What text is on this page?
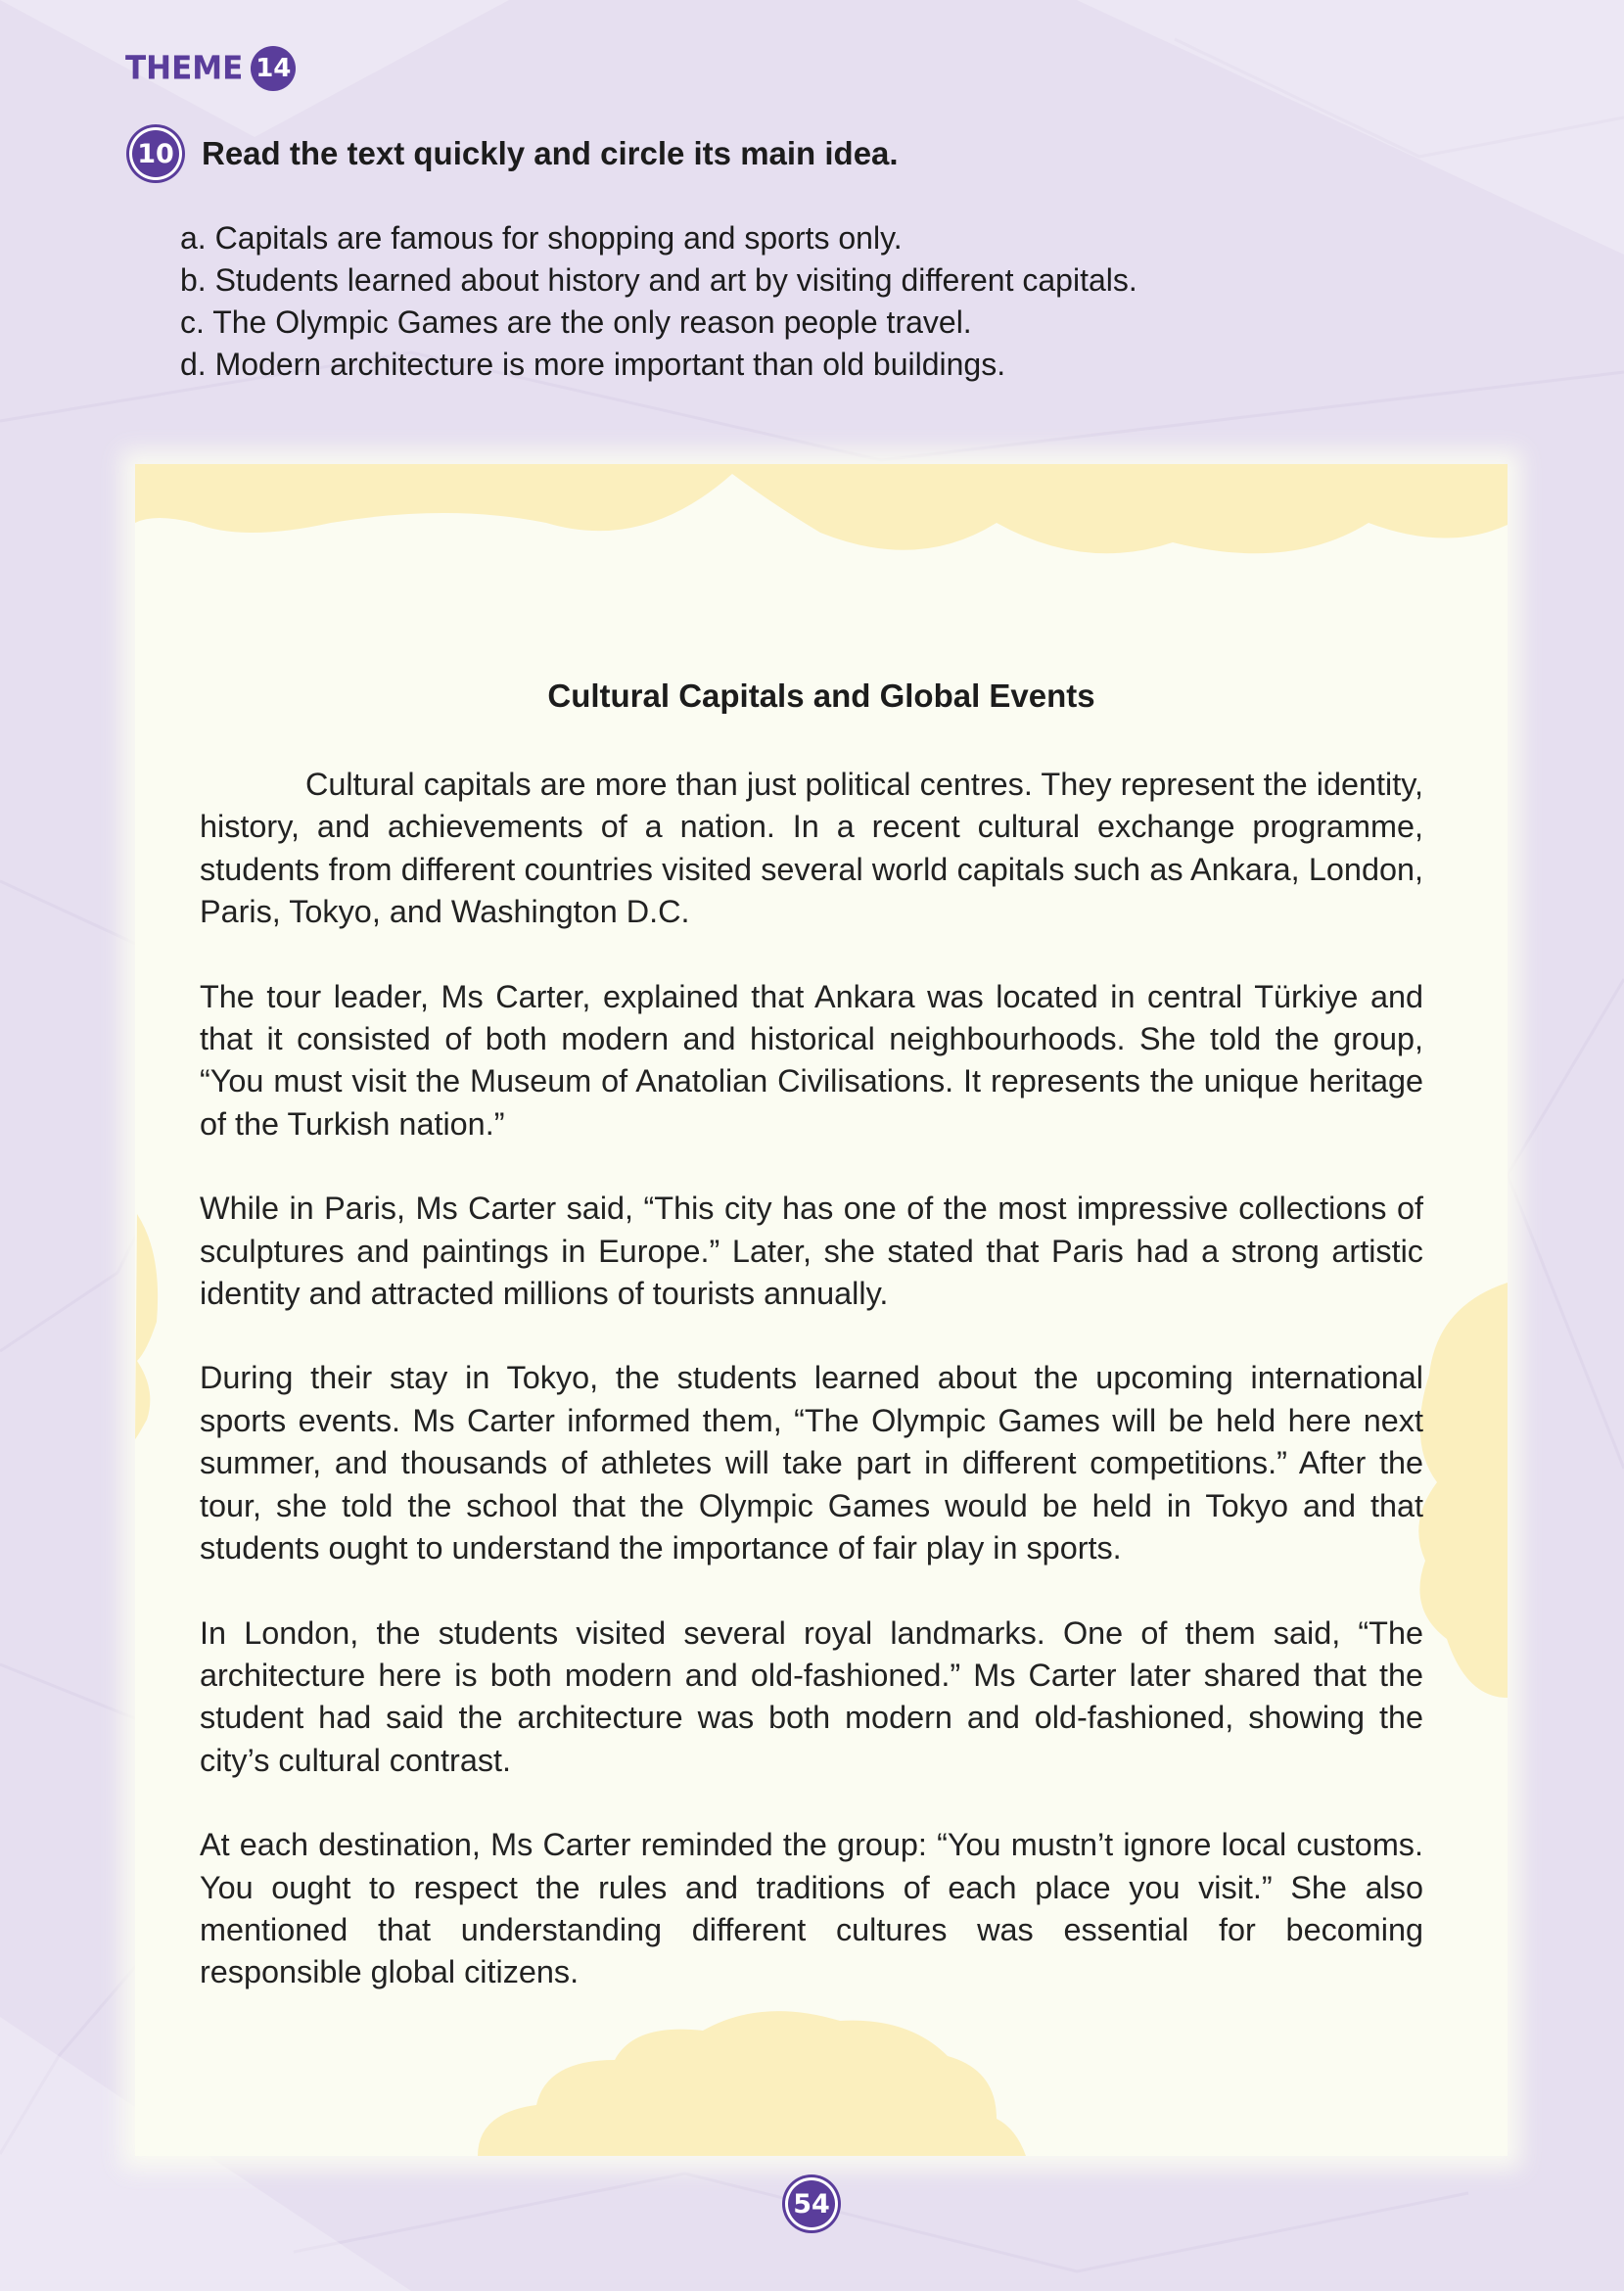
THEME 14
10 Read the text quickly and circle its main idea.
a. Capitals are famous for shopping and sports only.
b. Students learned about history and art by visiting different capitals.
c. The Olympic Games are the only reason people travel.
d. Modern architecture is more important than old buildings.
Cultural Capitals and Global Events

Cultural capitals are more than just political centres. They represent the identity, history, and achievements of a nation. In a recent cultural exchange programme, students from different countries visited several world capitals such as Ankara, London, Paris, Tokyo, and Washington D.C.

The tour leader, Ms Carter, explained that Ankara was located in central Türkiye and that it consisted of both modern and historical neighbourhoods. She told the group, “You must visit the Museum of Anatolian Civilisations. It represents the unique heritage of the Turkish nation.”

While in Paris, Ms Carter said, “This city has one of the most impressive collections of sculptures and paintings in Europe.” Later, she stated that Paris had a strong artistic identity and attracted millions of tourists annually.

During their stay in Tokyo, the students learned about the upcoming international sports events. Ms Carter informed them, “The Olympic Games will be held here next summer, and thousands of athletes will take part in different competitions.” After the tour, she told the school that the Olympic Games would be held in Tokyo and that students ought to understand the importance of fair play in sports.

In London, the students visited several royal landmarks. One of them said, “The architecture here is both modern and old-fashioned.” Ms Carter later shared that the student had said the architecture was both modern and old-fashioned, showing the city’s cultural contrast.

At each destination, Ms Carter reminded the group: “You mustn’t ignore local customs. You ought to respect the rules and traditions of each place you visit.” She also mentioned that understanding different cultures was essential for becoming responsible global citizens.

54
